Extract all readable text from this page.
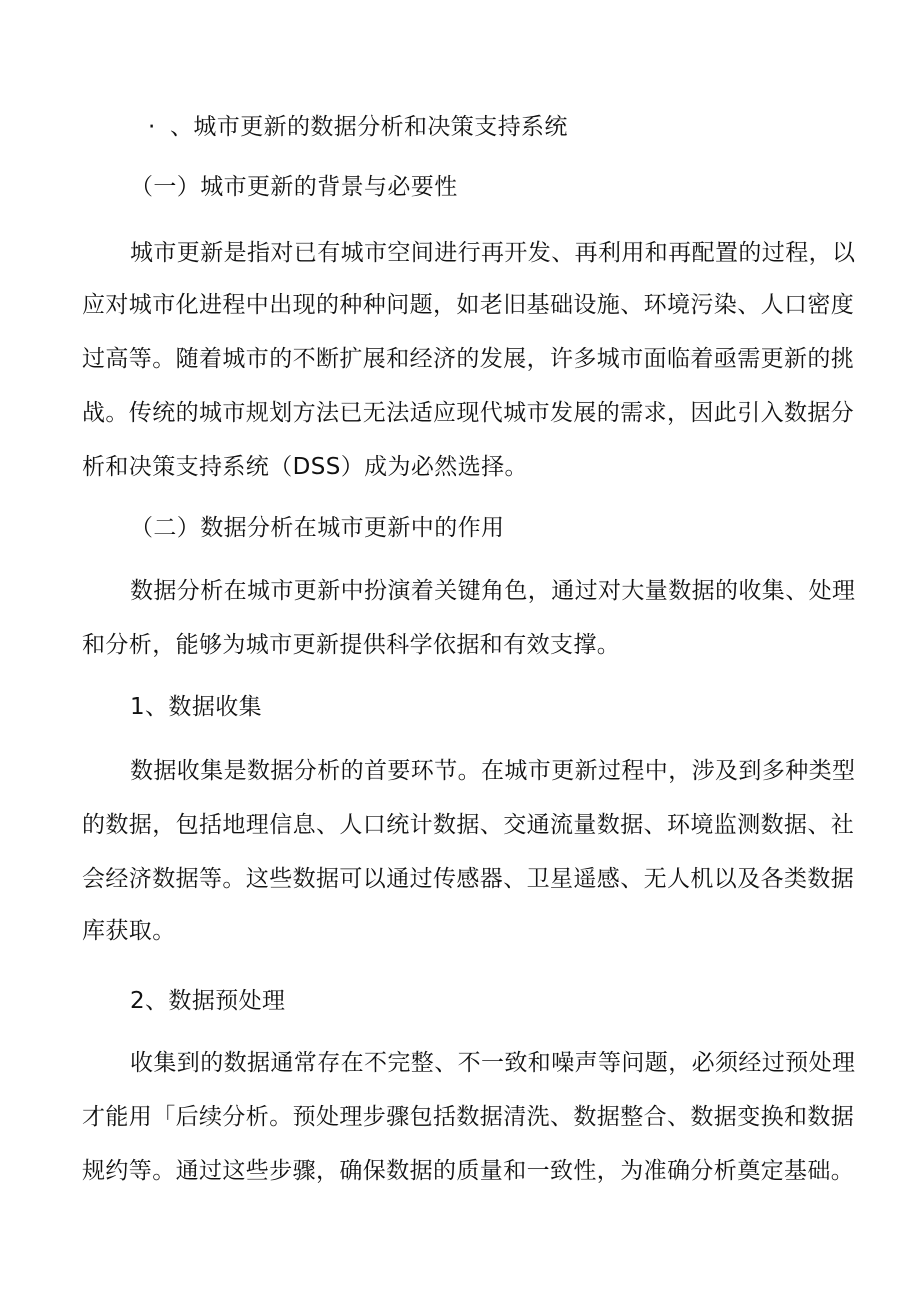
· 、城市更新的数据分析和决策支持系统
（一）城市更新的背景与必要性
城市更新是指对已有城市空间进行再开发、再利用和再配置的过程，以
应对城市化进程中出现的种种问题，如老旧基础设施、环境污染、人口密度
过高等。随着城市的不断扩展和经济的发展，许多城市面临着亟需更新的挑
战。传统的城市规划方法已无法适应现代城市发展的需求，因此引入数据分
析和决策支持系统（DSS）成为必然选择。
（二）数据分析在城市更新中的作用
数据分析在城市更新中扮演着关键角色，通过对大量数据的收集、处理
和分析，能够为城市更新提供科学依据和有效支撑。
1、数据收集
数据收集是数据分析的首要环节。在城市更新过程中，涉及到多种类型
的数据，包括地理信息、人口统计数据、交通流量数据、环境监测数据、社
会经济数据等。这些数据可以通过传感器、卫星遥感、无人机以及各类数据
库获取。
2、数据预处理
收集到的数据通常存在不完整、不一致和噪声等问题，必须经过预处理
才能用「后续分析。预处理步骤包括数据清洗、数据整合、数据变换和数据
规约等。通过这些步骤，确保数据的质量和一致性，为准确分析奠定基础。
